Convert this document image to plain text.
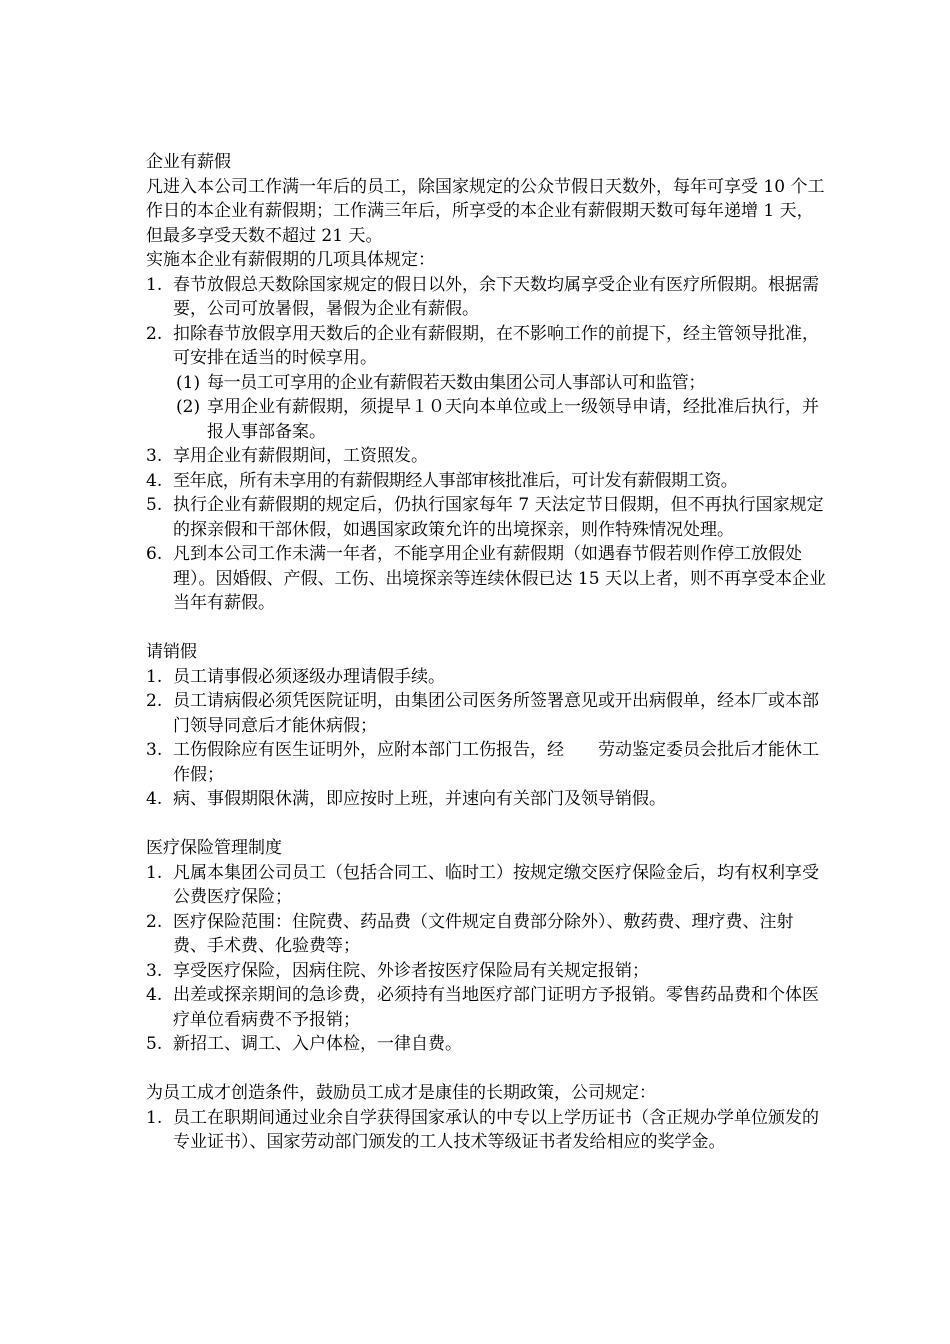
企业有薪假

凡进入本公司工作满一年后的员工，除国家规定的公众节假日天数外，每年可享受 10 个工作日的本企业有薪假期；工作满三年后，所享受的本企业有薪假期天数可每年递增 1 天，但最多享受天数不超过 21 天。

实施本企业有薪假期的几项具体规定：

1. 春节放假总天数除国家规定的假日以外，余下天数均属享受企业有医疗所假期。根据需要，公司可放暑假，暑假为企业有薪假。
2. 扣除春节放假享用天数后的企业有薪假期，在不影响工作的前提下，经主管领导批准，可安排在适当的时候享用。
(1) 每一员工可享用的企业有薪假若天数由集团公司人事部认可和监管；
(2) 享用企业有薪假期，须提早１０天向本单位或上一级领导申请，经批准后执行，并报人事部备案。
3. 享用企业有薪假期间，工资照发。
4. 至年底，所有未享用的有薪假期经人事部审核批准后，可计发有薪假期工资。
5. 执行企业有薪假期的规定后，仍执行国家每年 7 天法定节日假期，但不再执行国家规定的探亲假和干部休假，如遇国家政策允许的出境探亲，则作特殊情况处理。
6. 凡到本公司工作未满一年者，不能享用企业有薪假期（如遇春节假若则作停工放假处理）。因婚假、产假、工伤、出境探亲等连续休假已达 15 天以上者，则不再享受本企业当年有薪假。

请销假

1. 员工请事假必须逐级办理请假手续。
2. 员工请病假必须凭医院证明，由集团公司医务所签署意见或开出病假单，经本厂或本部门领导同意后才能休病假；
3. 工伤假除应有医生证明外，应附本部门工伤报告，经　　劳动鉴定委员会批后才能休工作假；
4. 病、事假期限休满，即应按时上班，并速向有关部门及领导销假。

医疗保险管理制度

1. 凡属本集团公司员工（包括合同工、临时工）按规定缴交医疗保险金后，均有权利享受公费医疗保险；
2. 医疗保险范围：住院费、药品费（文件规定自费部分除外）、敷药费、理疗费、注射费、手术费、化验费等；
3. 享受医疗保险，因病住院、外诊者按医疗保险局有关规定报销；
4. 出差或探亲期间的急诊费，必须持有当地医疗部门证明方予报销。零售药品费和个体医疗单位看病费不予报销；
5. 新招工、调工、入户体检，一律自费。

为员工成才创造条件，鼓励员工成才是康佳的长期政策，公司规定：

1. 员工在职期间通过业余自学获得国家承认的中专以上学历证书（含正规办学单位颁发的专业证书）、国家劳动部门颁发的工人技术等级证书者发给相应的奖学金。
